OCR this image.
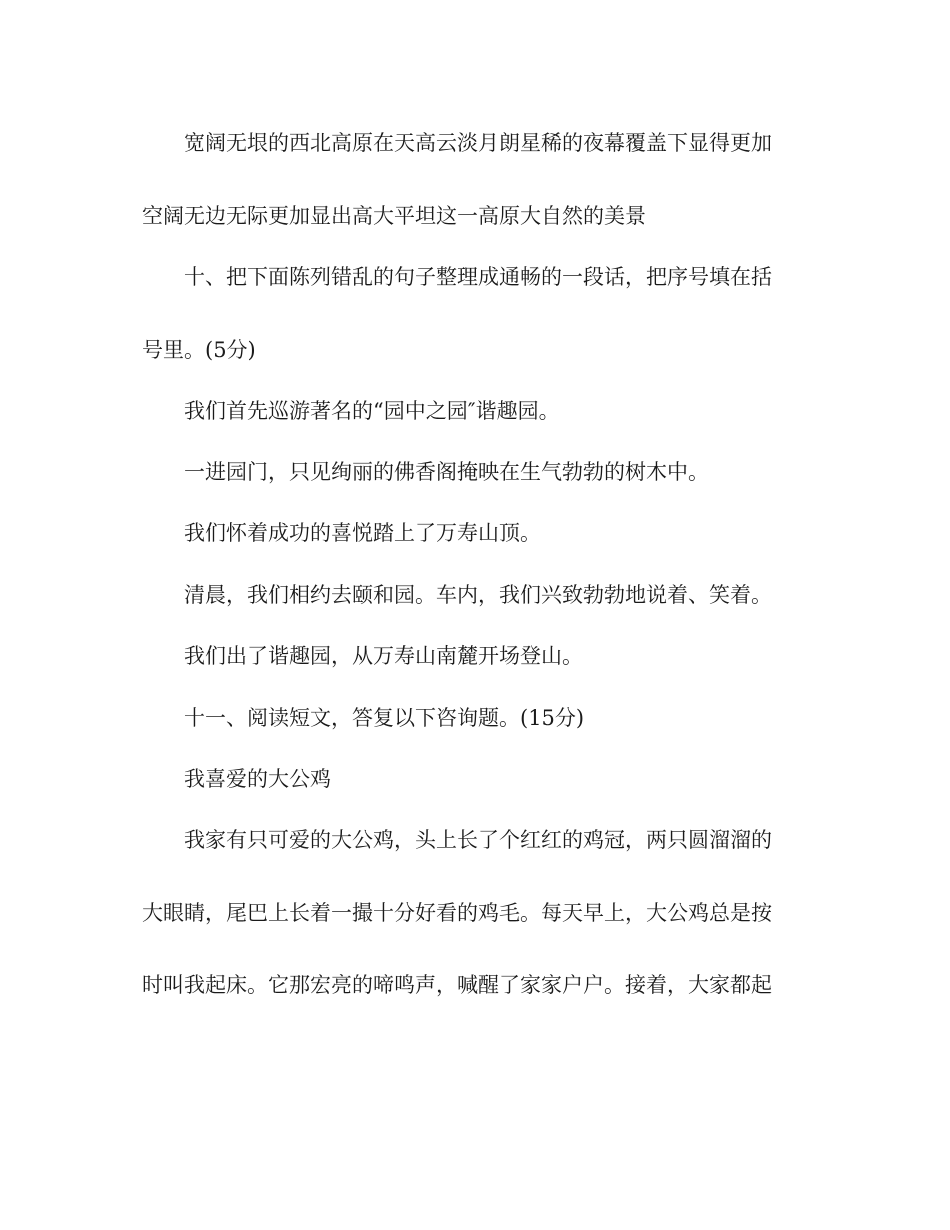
宽阔无垠的西北高原在天高云淡月朗星稀的夜幕覆盖下显得更加
空阔无边无际更加显出高大平坦这一高原大自然的美景
十、把下面陈列错乱的句子整理成通畅的一段话，把序号填在括
号里。(5分)
我们首先巡游著名的“园中之园″谐趣园。
一进园门，只见绚丽的佛香阁掩映在生气勃勃的树木中。
我们怀着成功的喜悦踏上了万寿山顶。
清晨，我们相约去颐和园。车内，我们兴致勃勃地说着、笑着。
我们出了谐趣园，从万寿山南麓开场登山。
十一、阅读短文，答复以下咨询题。(15分)
我喜爱的大公鸡
我家有只可爱的大公鸡，头上长了个红红的鸡冠，两只圆溜溜的
大眼睛，尾巴上长着一撮十分好看的鸡毛。每天早上，大公鸡总是按
时叫我起床。它那宏亮的啼鸣声，喊醒了家家户户。接着，大家都起
